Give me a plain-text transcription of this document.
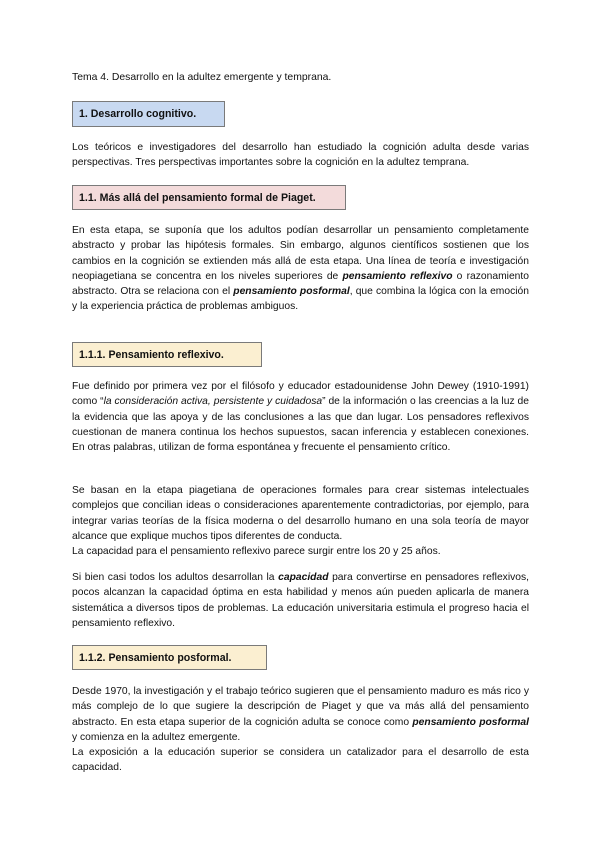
Tema 4. Desarrollo en la adultez emergente y temprana.
1. Desarrollo cognitivo.

Los teóricos e investigadores del desarrollo han estudiado la cognición adulta desde varias perspectivas. Tres perspectivas importantes sobre la cognición en la adultez temprana.

1.1. Más allá del pensamiento formal de Piaget.

En esta etapa, se suponía que los adultos podían desarrollar un pensamiento completamente abstracto y probar las hipótesis formales. Sin embargo, algunos científicos sostienen que los cambios en la cognición se extienden más allá de esta etapa. Una línea de teoría e investigación neopiagetiana se concentra en los niveles superiores de pensamiento reflexivo o razonamiento abstracto. Otra se relaciona con el pensamiento posformal, que combina la lógica con la emoción y la experiencia práctica de problemas ambiguos.

1.1.1. Pensamiento reflexivo.

Fue definido por primera vez por el filósofo y educador estadounidense John Dewey (1910-1991) como “la consideración activa, persistente y cuidadosa” de la información o las creencias a la luz de la evidencia que las apoya y de las conclusiones a las que dan lugar. Los pensadores reflexivos cuestionan de manera continua los hechos supuestos, sacan inferencia y establecen conexiones. En otras palabras, utilizan de forma espontánea y frecuente el pensamiento crítico.

Se basan en la etapa piagetiana de operaciones formales para crear sistemas intelectuales complejos que concilian ideas o consideraciones aparentemente contradictorias, por ejemplo, para integrar varias teorías de la física moderna o del desarrollo humano en una sola teoría de mayor alcance que explique muchos tipos diferentes de conducta.
La capacidad para el pensamiento reflexivo parece surgir entre los 20 y 25 años.

Si bien casi todos los adultos desarrollan la capacidad para convertirse en pensadores reflexivos, pocos alcanzan la capacidad óptima en esta habilidad y menos aún pueden aplicarla de manera sistemática a diversos tipos de problemas. La educación universitaria estimula el progreso hacia el pensamiento reflexivo.

1.1.2. Pensamiento posformal.

Desde 1970, la investigación y el trabajo teórico sugieren que el pensamiento maduro es más rico y más complejo de lo que sugiere la descripción de Piaget y que va más allá del pensamiento abstracto. En esta etapa superior de la cognición adulta se conoce como pensamiento posformal y comienza en la adultez emergente.
La exposición a la educación superior se considera un catalizador para el desarrollo de esta capacidad.
